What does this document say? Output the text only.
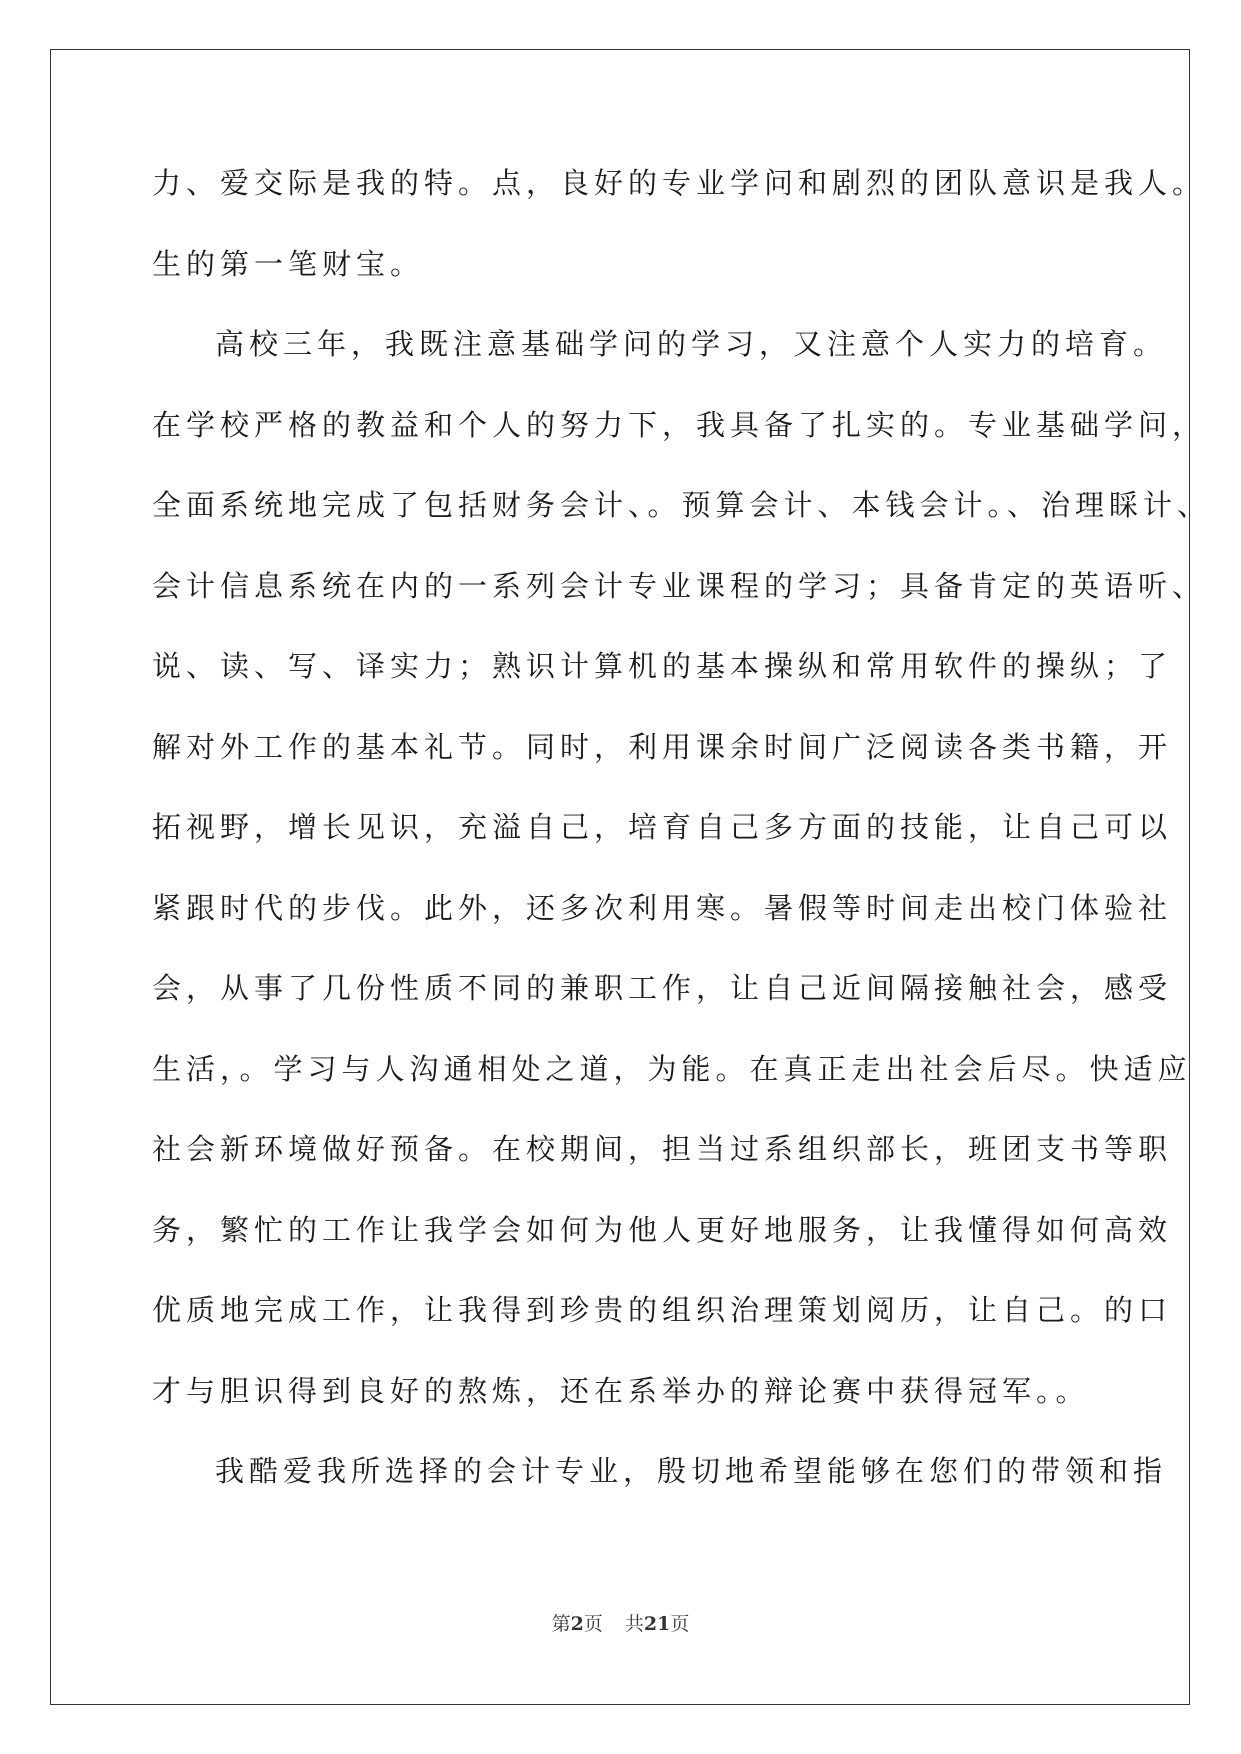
力、爱交际是我的特。点，良好的专业学问和剧烈的团队意识是我人。
生的第一笔财宝。
高校三年，我既注意基础学问的学习，又注意个人实力的培育。
在学校严格的教益和个人的努力下，我具备了扎实的。专业基础学问，
全面系统地完成了包括财务会计、。预算会计、本钱会计。、治理睬计、
会计信息系统在内的一系列会计专业课程的学习；具备肯定的英语听、
说、读、写、译实力；熟识计算机的基本操纵和常用软件的操纵；了
解对外工作的基本礼节。同时，利用课余时间广泛阅读各类书籍，开
拓视野，增长见识，充溢自己，培育自己多方面的技能，让自己可以
紧跟时代的步伐。此外，还多次利用寒。暑假等时间走出校门体验社
会，从事了几份性质不同的兼职工作，让自己近间隔接触社会，感受
生活，。学习与人沟通相处之道，为能。在真正走出社会后尽。快适应
社会新环境做好预备。在校期间，担当过系组织部长，班团支书等职
务，繁忙的工作让我学会如何为他人更好地服务，让我懂得如何高效
优质地完成工作，让我得到珍贵的组织治理策划阅历，让自己。的口
才与胆识得到良好的熬炼，还在系举办的辩论赛中获得冠军。。
我酷爱我所选择的会计专业，殷切地希望能够在您们的带领和指
第2页 共21页
